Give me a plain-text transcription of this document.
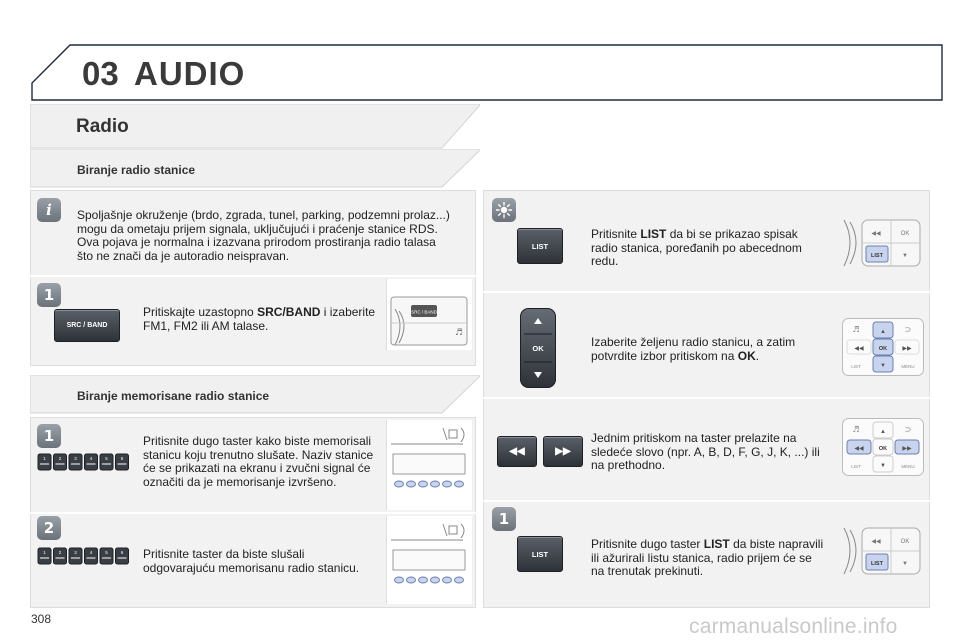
03 AUDIO
Radio
Biranje radio stanice
i	Spoljašnje okruženje (brdo, zgrada, tunel, parking, podzemni prolaz...) mogu da ometaju prijem signala, uključujući i praćenje stanice RDS. Ova pojava je normalna i izazvana prirodom prostiranja radio talasa što ne znači da je autoradio neispravan.
1
SRC / BAND
Pritiskajte uzastopno SRC/BAND i izaberite FM1, FM2 ili AM talase.
SRC / BAND
♬
Biranje memorisane radio stanice
1
1	2	3	4	5	6
Pritisnite dugo taster kako biste memorisali stanicu koju trenutno slušate. Naziv stanice će se prikazati na ekranu i zvučni signal će označiti da je memorisanje izvršeno.
2
1	2	3	4	5	6 Pritisnite taster da biste slušali odgovarajuću memorisanu radio stanicu.
LIST
Pritisnite LIST da bi se prikazao spisak radio stanica, poređanih po abecednom redu.
◀◀	OK
LIST	▼
OK	Izaberite željenu radio stanicu, a zatim potvrdite izbor pritiskom na OK.
▲
OK
▼
◀◀	▶▶
♬	⊃
LIST	MENU
◀◀	▶▶
Jednim pritiskom na taster prelazite na sledeće slovo (npr. A, B, D, F, G, J, K, ...) ili na prethodno.
▲
OK
▼
◀◀	▶▶
♬	⊃
LIST	MENU
1
LIST
Pritisnite dugo taster LIST da biste napravili ili ažurirali listu stanica, radio prijem će se na trenutak prekinuti.
◀◀	OK
LIST	▼
308	carmanualsonline.info
